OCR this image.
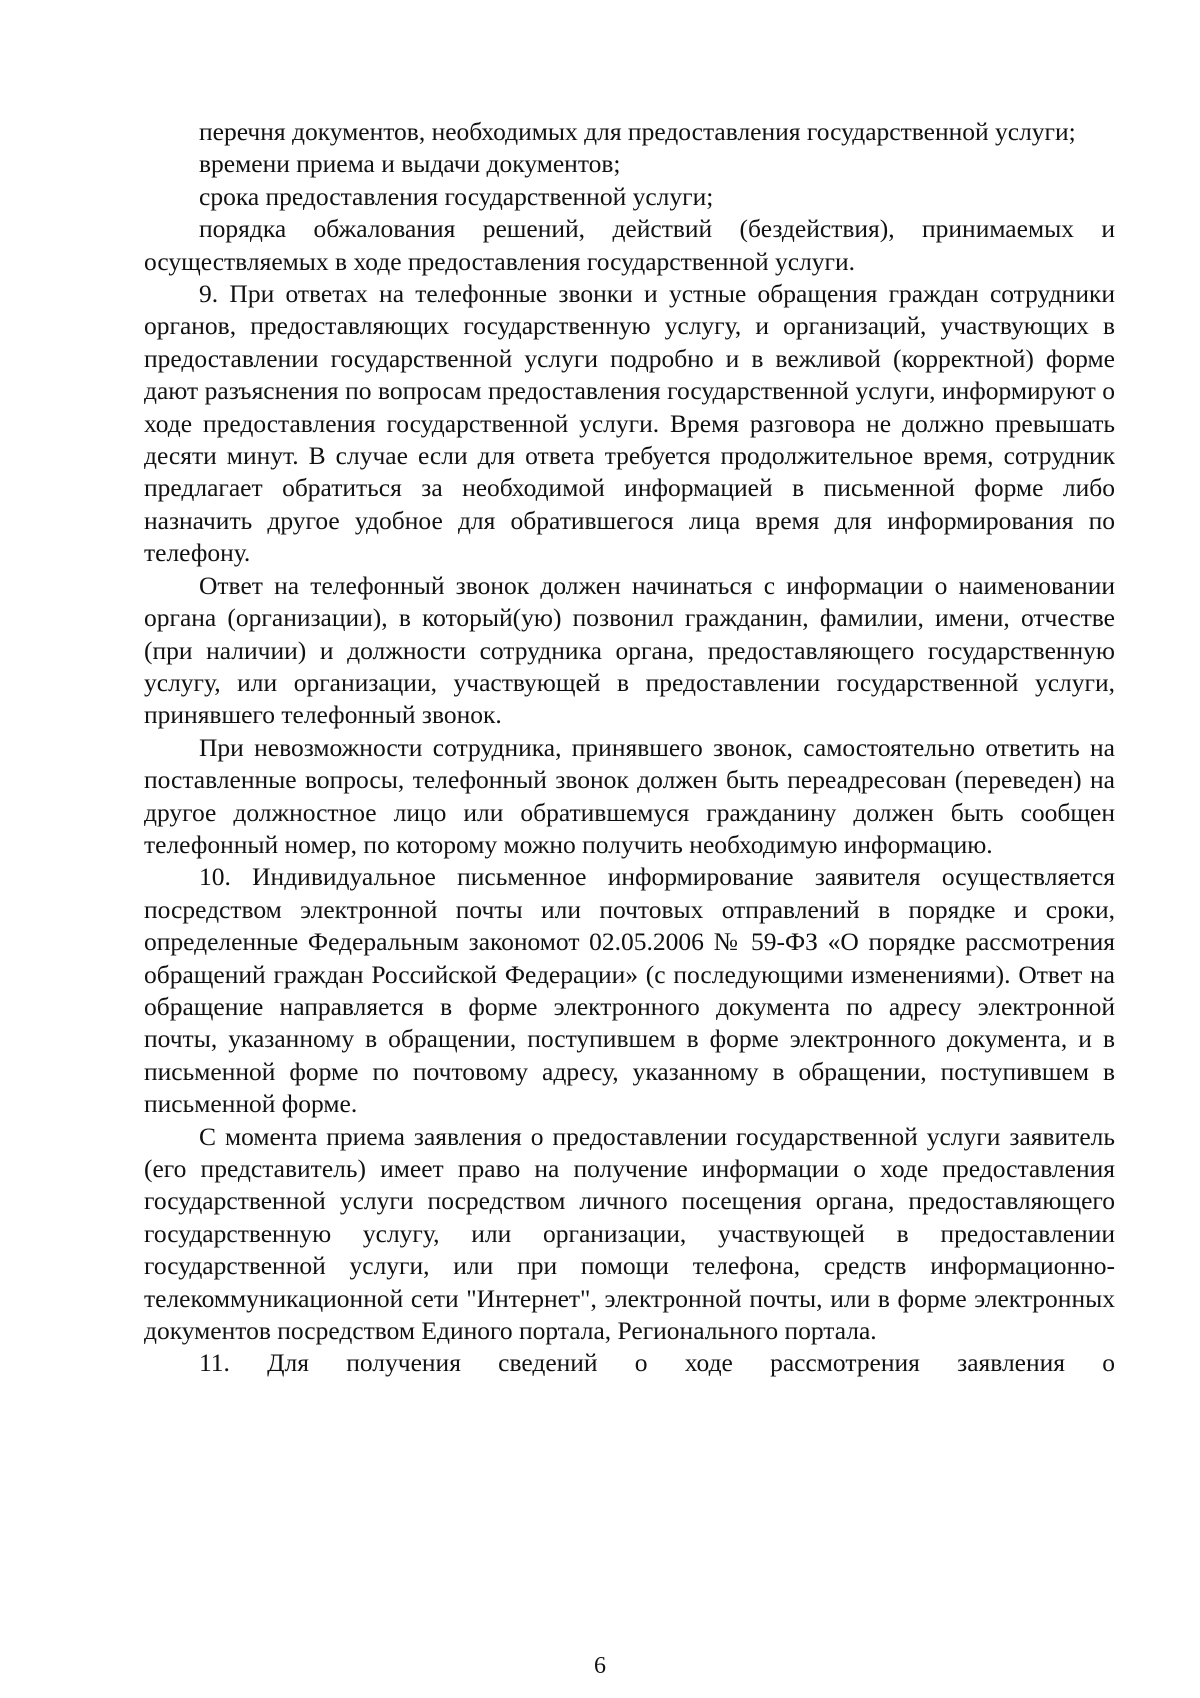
перечня документов, необходимых для предоставления государственной услуги;

времени приема и выдачи документов;

срока предоставления государственной услуги;

порядка обжалования решений, действий (бездействия), принимаемых и осуществляемых в ходе предоставления государственной услуги.

9. При ответах на телефонные звонки и устные обращения граждан сотрудники органов, предоставляющих государственную услугу, и организаций, участвующих в предоставлении государственной услуги подробно и в вежливой (корректной) форме дают разъяснения по вопросам предоставления государственной услуги, информируют о ходе предоставления государственной услуги. Время разговора не должно превышать десяти минут. В случае если для ответа требуется продолжительное время, сотрудник предлагает обратиться за необходимой информацией в письменной форме либо назначить другое удобное для обратившегося лица время для информирования по телефону.

Ответ на телефонный звонок должен начинаться с информации о наименовании органа (организации), в который(ую) позвонил гражданин, фамилии, имени, отчестве (при наличии) и должности сотрудника органа, предоставляющего государственную услугу, или организации, участвующей в предоставлении государственной услуги, принявшего телефонный звонок.

При невозможности сотрудника, принявшего звонок, самостоятельно ответить на поставленные вопросы, телефонный звонок должен быть переадресован (переведен) на другое должностное лицо или обратившемуся гражданину должен быть сообщен телефонный номер, по которому можно получить необходимую информацию.

10. Индивидуальное письменное информирование заявителя осуществляется посредством электронной почты или почтовых отправлений в порядке и сроки, определенные Федеральным закономот 02.05.2006 № 59-ФЗ «О порядке рассмотрения обращений граждан Российской Федерации» (с последующими изменениями). Ответ на обращение направляется в форме электронного документа по адресу электронной почты, указанному в обращении, поступившем в форме электронного документа, и в письменной форме по почтовому адресу, указанному в обращении, поступившем в письменной форме.

С момента приема заявления о предоставлении государственной услуги заявитель (его представитель) имеет право на получение информации о ходе предоставления государственной услуги посредством личного посещения органа, предоставляющего государственную услугу, или организации, участвующей в предоставлении государственной услуги, или при помощи телефона, средств информационно-телекоммуникационной сети "Интернет", электронной почты, или в форме электронных документов посредством Единого портала, Регионального портала.

11. Для получения сведений о ходе рассмотрения заявления о

6
